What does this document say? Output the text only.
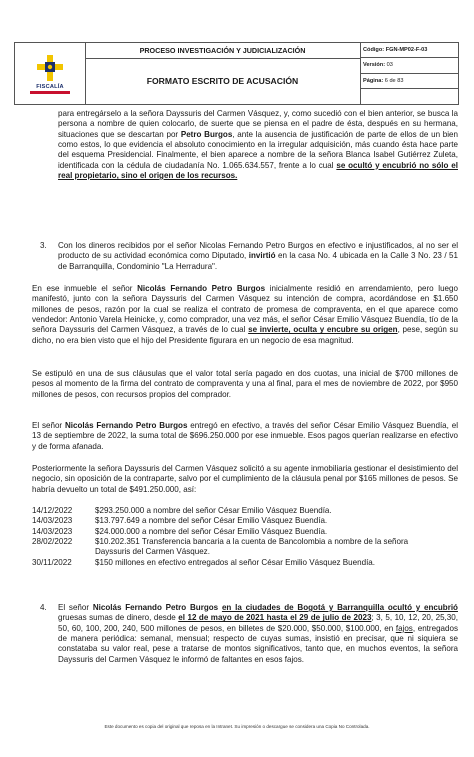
FISCALÍA
PROCESO INVESTIGACIÓN Y JUDICIALIZACIÓN
FORMATO ESCRITO DE ACUSACIÓN
Código: FGN-MP02-F-03
Versión: 03
Página: 6 de 83

para entregárselo a la señora Dayssuris del Carmen Vásquez, y, como sucedió con el bien anterior, se busca la persona a nombre de quien colocarlo, de suerte que se piensa en el padre de ésta, después en su hermana, situaciones que se descartan por Petro Burgos, ante la ausencia de justificación de parte de ellos de un bien como estos, lo que evidencia el absoluto conocimiento en la irregular adquisición, más cuando ésta hace parte del esquema Presidencial. Finalmente, el bien aparece a nombre de la señora Blanca Isabel Gutiérrez Zuleta, identificada con la cédula de ciudadanía No. 1.065.634.557, frente a lo cual se ocultó y encubrió no sólo el real propietario, sino el origen de los recursos.

3. Con los dineros recibidos por el señor Nicolas Fernando Petro Burgos en efectivo e injustificados, al no ser el producto de su actividad económica como Diputado, invirtió en la casa No. 4 ubicada en la Calle 3 No. 23 / 51 de Barranquilla, Condominio "La Herradura".

En ese inmueble el señor Nicolás Fernando Petro Burgos inicialmente residió en arrendamiento, pero luego manifestó, junto con la señora Dayssuris del Carmen Vásquez su intención de compra, acordándose en $1.650 millones de pesos, razón por la cual se realiza el contrato de promesa de compraventa, en el que aparece como vendedor: Antonio Varela Heinicke, y, como comprador, una vez más, el señor César Emilio Vásquez Buendía, tío de la señora Dayssuris del Carmen Vásquez, a través de lo cual se invierte, oculta y encubre su origen, pese, según su dicho, no era bien visto que el hijo del Presidente figurara en un negocio de esa magnitud.

Se estipuló en una de sus cláusulas que el valor total sería pagado en dos cuotas, una inicial de $700 millones de pesos al momento de la firma del contrato de compraventa y una al final, para el mes de noviembre de 2022, por $950 millones de pesos, con recursos propios del comprador.

El señor Nicolás Fernando Petro Burgos entregó en efectivo, a través del señor César Emilio Vásquez Buendía, el 13 de septiembre de 2022, la suma total de $696.250.000 por ese inmueble. Esos pagos querían realizarse en efectivo y de forma afanada.

Posteriormente la señora Dayssuris del Carmen Vásquez solicitó a su agente inmobiliaria gestionar el desistimiento del negocio, sin oposición de la contraparte, salvo por el cumplimiento de la cláusula penal por $165 millones de pesos. Se habría devuelto un total de $491.250.000, así:

14/12/2022	$293.250.000 a nombre del señor César Emilio Vásquez Buendía.
14/03/2023	$13.797.649 a nombre del señor César Emilio Vásquez Buendía.
14/03/2023	$24.000.000 a nombre del señor César Emilio Vásquez Buendía.
28/02/2022	$10.202.351 Transferencia bancaria a la cuenta de Bancolombia a nombre de la señora Dayssuris del Carmen Vásquez.
30/11/2022	$150 millones en efectivo entregados al señor César Emilio Vásquez Buendía.
4. El señor Nicolás Fernando Petro Burgos en la ciudades de Bogotá y Barranquilla ocultó y encubrió gruesas sumas de dinero, desde el 12 de mayo de 2021 hasta el 29 de julio de 2023; 3, 5, 10, 12, 20, 25,30, 50, 60, 100, 200, 240, 500 millones de pesos, en billetes de $20.000, $50.000, $100.000, en fajos, entregados de manera periódica: semanal, mensual; respecto de cuyas sumas, insistió en precisar, que ni siquiera se constataba su valor real, pese a tratarse de montos significativos, tanto que, en muchos eventos, la señora Dayssuris del Carmen Vásquez le informó de faltantes en esos fajos.

Este documento es copia del original que reposa en la Intranet. Su impresión o descargue se considera una Copia No Controlada.
